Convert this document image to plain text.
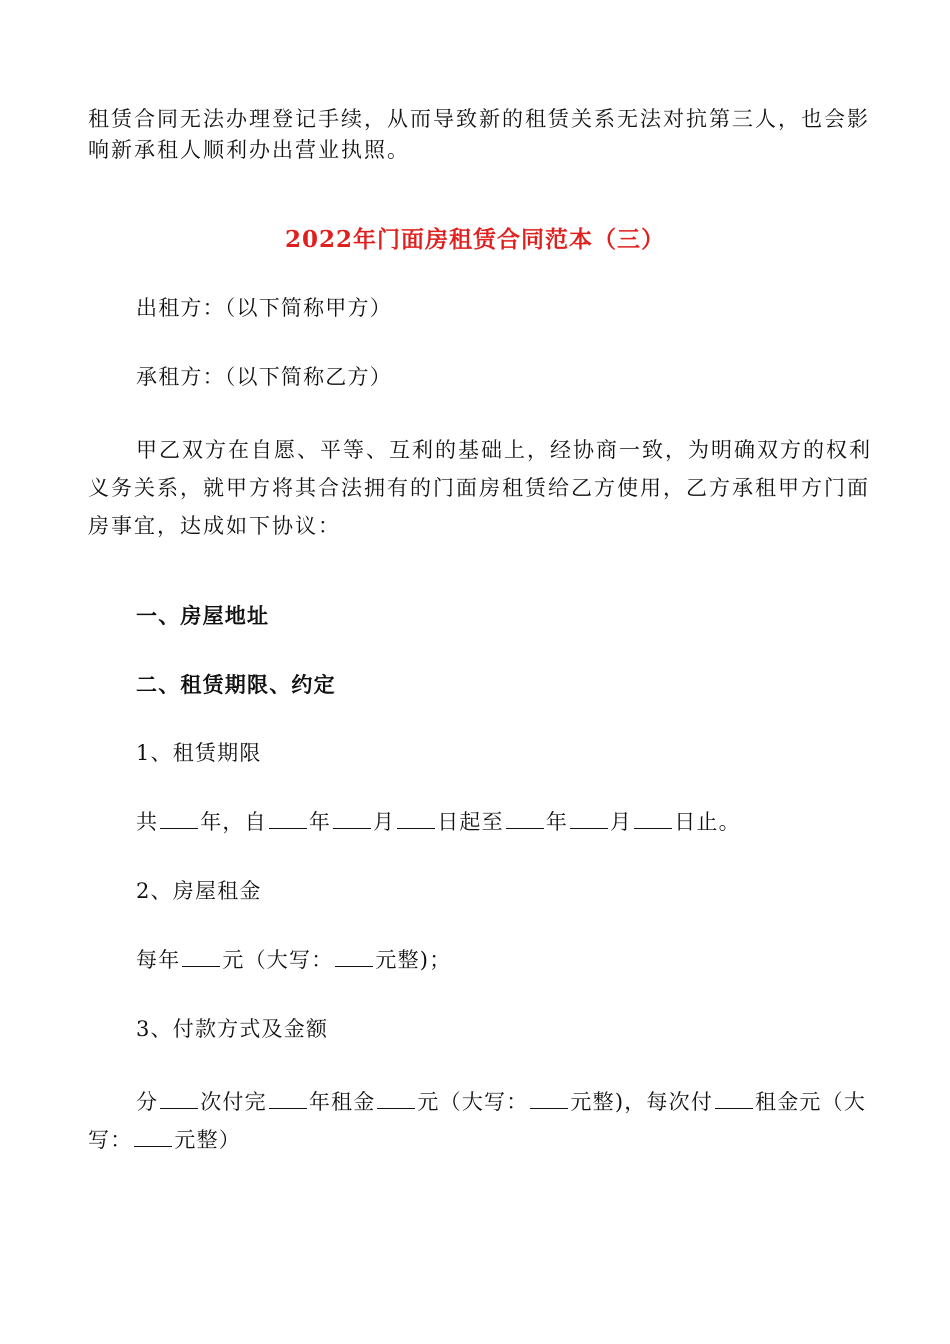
租赁合同无法办理登记手续，从而导致新的租赁关系无法对抗第三人，也会影响新承租人顺利办出营业执照。
2022年门面房租赁合同范本（三）
出租方：（以下简称甲方）
承租方：（以下简称乙方）
甲乙双方在自愿、平等、互利的基础上，经协商一致，为明确双方的权利义务关系，就甲方将其合法拥有的门面房租赁给乙方使用，乙方承租甲方门面房事宜，达成如下协议：
一、房屋地址
二、租赁期限、约定
1、租赁期限
共 年，自 年 月 日起至 年 月 日止。
2、房屋租金
每年 元（大写： 元整)；
3、付款方式及金额
分 次付完 年租金 元（大写： 元整)，每次付 租金元（大写： 元整）
